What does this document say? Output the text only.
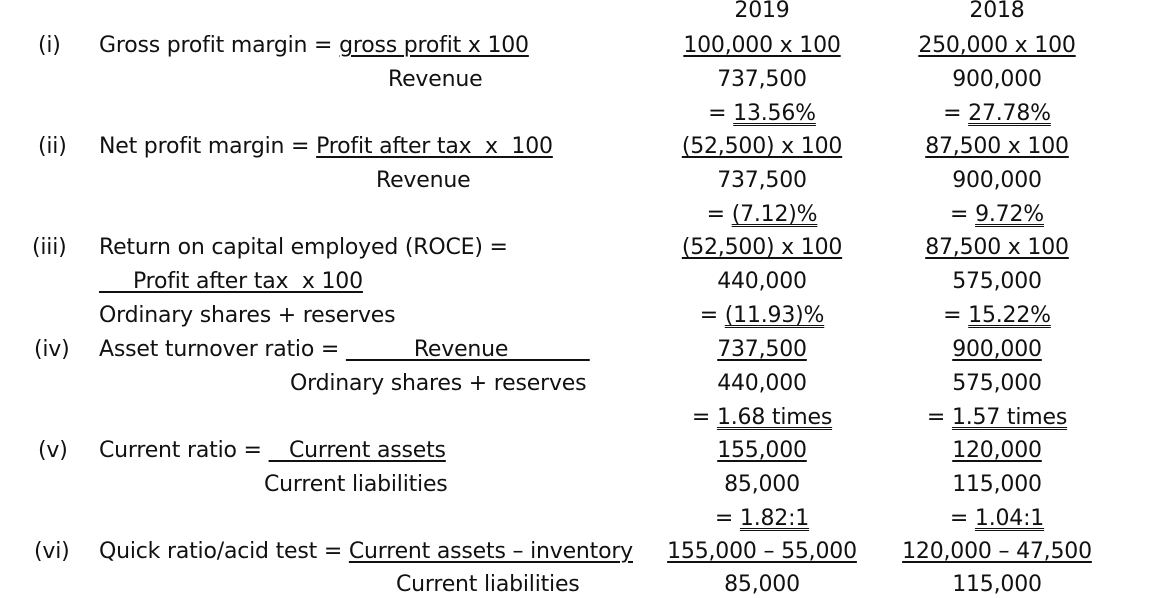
2019	2018
(i) Gross profit margin = gross profit x 100
Revenue
100,000 x 100
737,500
= 13.56%
250,000 x 100
900,000
= 27.78%
(ii) Net profit margin = Profit after tax  x  100
Revenue
(52,500) x 100
737,500
= (7.12)%
87,500 x 100
900,000
= 9.72%
(iii) Return on capital employed (ROCE) =
Profit after tax  x 100
Ordinary shares + reserves
(52,500) x 100
440,000
= (11.93)%
87,500 x 100
575,000
= 15.22%
(iv) Asset turnover ratio =           Revenue
Ordinary shares + reserves
737,500
440,000
= 1.68 times
900,000
575,000
= 1.57 times
(v) Current ratio =    Current assets
Current liabilities
155,000
85,000
= 1.82:1
120,000
115,000
= 1.04:1
(vi) Quick ratio/acid test = Current assets – inventory
Current liabilities
155,000 – 55,000
85,000
120,000 – 47,500
115,000
